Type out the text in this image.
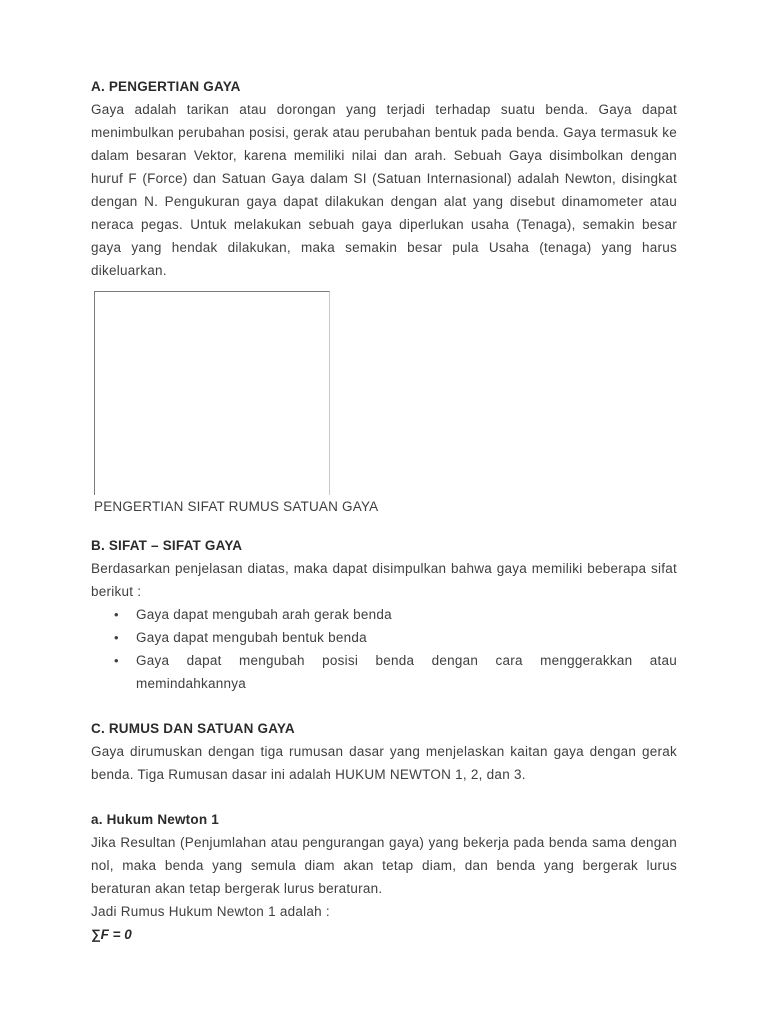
A. PENGERTIAN GAYA

Gaya adalah tarikan atau dorongan yang terjadi terhadap suatu benda. Gaya dapat menimbulkan perubahan posisi, gerak atau perubahan bentuk pada benda. Gaya termasuk ke dalam besaran Vektor, karena memiliki nilai dan arah. Sebuah Gaya disimbolkan dengan huruf F (Force) dan Satuan Gaya dalam SI (Satuan Internasional) adalah Newton, disingkat dengan N. Pengukuran gaya dapat dilakukan dengan alat yang disebut dinamometer atau neraca pegas. Untuk melakukan sebuah gaya diperlukan usaha (Tenaga), semakin besar gaya yang hendak dilakukan, maka semakin besar pula Usaha (tenaga) yang harus dikeluarkan.

PENGERTIAN SIFAT RUMUS SATUAN GAYA
B. SIFAT – SIFAT GAYA

Berdasarkan penjelasan diatas, maka dapat disimpulkan bahwa gaya memiliki beberapa sifat berikut :

• Gaya dapat mengubah arah gerak benda
• Gaya dapat mengubah bentuk benda
• Gaya dapat mengubah posisi benda dengan cara menggerakkan atau memindahkannya
C. RUMUS DAN SATUAN GAYA

Gaya dirumuskan dengan tiga rumusan dasar yang menjelaskan kaitan gaya dengan gerak benda. Tiga Rumusan dasar ini adalah HUKUM NEWTON 1, 2, dan 3.

a. Hukum Newton 1

Jika Resultan (Penjumlahan atau pengurangan gaya) yang bekerja pada benda sama dengan nol, maka benda yang semula diam akan tetap diam, dan benda yang bergerak lurus beraturan akan tetap bergerak lurus beraturan.

Jadi Rumus Hukum Newton 1 adalah :
∑F = 0
